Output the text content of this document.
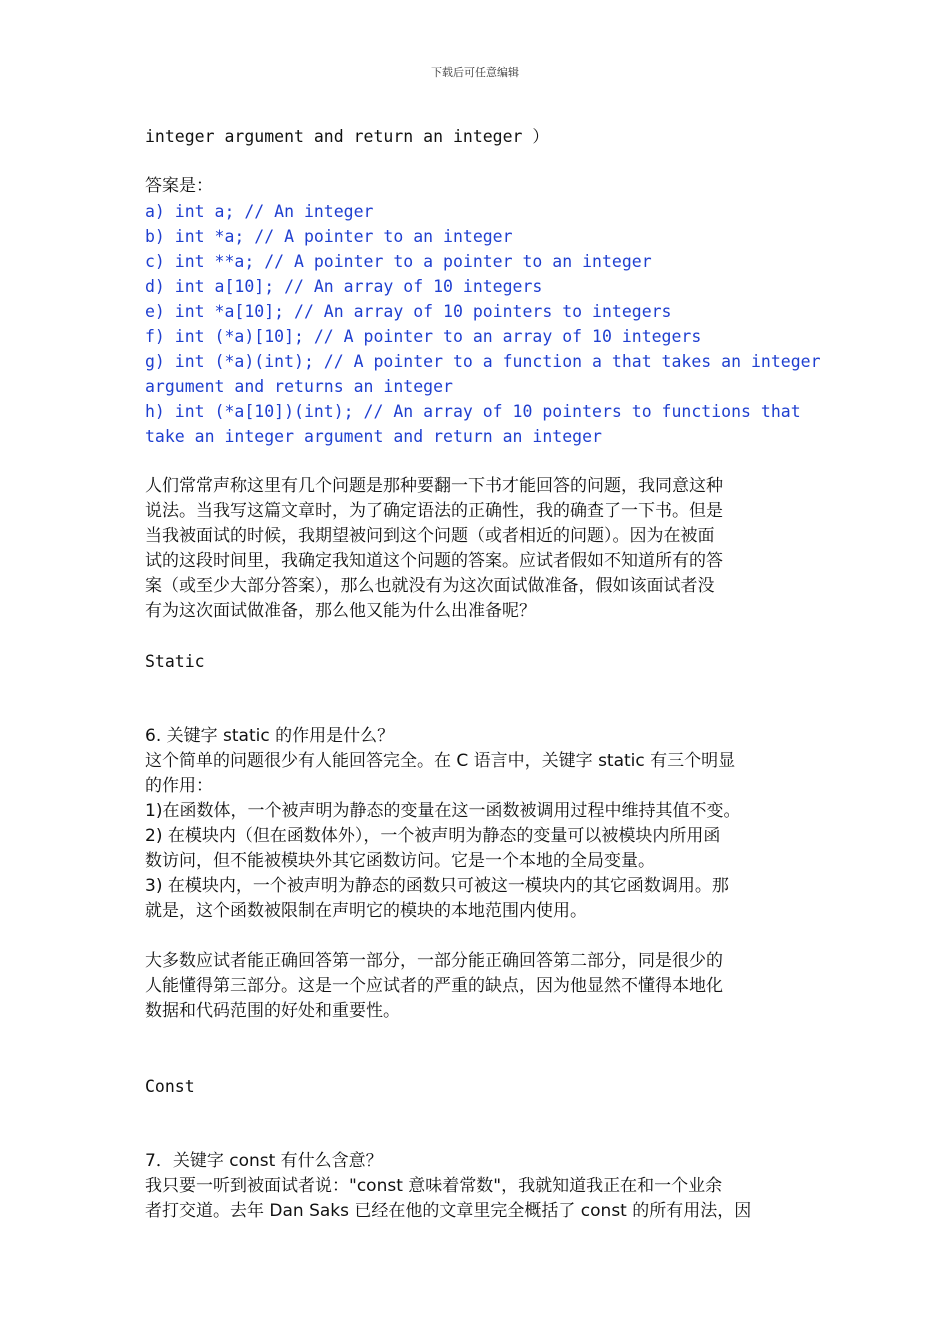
下载后可任意编辑
integer argument and return an integer ）
答案是：
a) int a; // An integer
b) int *a; // A pointer to an integer
c) int **a; // A pointer to a pointer to an integer
d) int a[10]; // An array of 10 integers
e) int *a[10]; // An array of 10 pointers to integers
f) int (*a)[10]; // A pointer to an array of 10 integers
g) int (*a)(int); // A pointer to a function a that takes an integer
argument and returns an integer
h) int (*a[10])(int); // An array of 10 pointers to functions that
take an integer argument and return an integer
人们常常声称这里有几个问题是那种要翻一下书才能回答的问题，我同意这种
说法。当我写这篇文章时，为了确定语法的正确性，我的确查了一下书。但是
当我被面试的时候，我期望被问到这个问题（或者相近的问题）。因为在被面
试的这段时间里，我确定我知道这个问题的答案。应试者假如不知道所有的答
案（或至少大部分答案），那么也就没有为这次面试做准备，假如该面试者没
有为这次面试做准备，那么他又能为什么出准备呢？
Static
6. 关键字 static 的作用是什么？
这个简单的问题很少有人能回答完全。在 C 语言中，关键字 static 有三个明显
的作用：
1)在函数体，一个被声明为静态的变量在这一函数被调用过程中维持其值不变。
2) 在模块内（但在函数体外），一个被声明为静态的变量可以被模块内所用函
数访问，但不能被模块外其它函数访问。它是一个本地的全局变量。
3) 在模块内，一个被声明为静态的函数只可被这一模块内的其它函数调用。那
就是，这个函数被限制在声明它的模块的本地范围内使用。
大多数应试者能正确回答第一部分，一部分能正确回答第二部分，同是很少的
人能懂得第三部分。这是一个应试者的严重的缺点，因为他显然不懂得本地化
数据和代码范围的好处和重要性。
Const
7．关键字 const 有什么含意？
我只要一听到被面试者说："const 意味着常数"，我就知道我正在和一个业余
者打交道。去年 Dan Saks 已经在他的文章里完全概括了 const 的所有用法，因
